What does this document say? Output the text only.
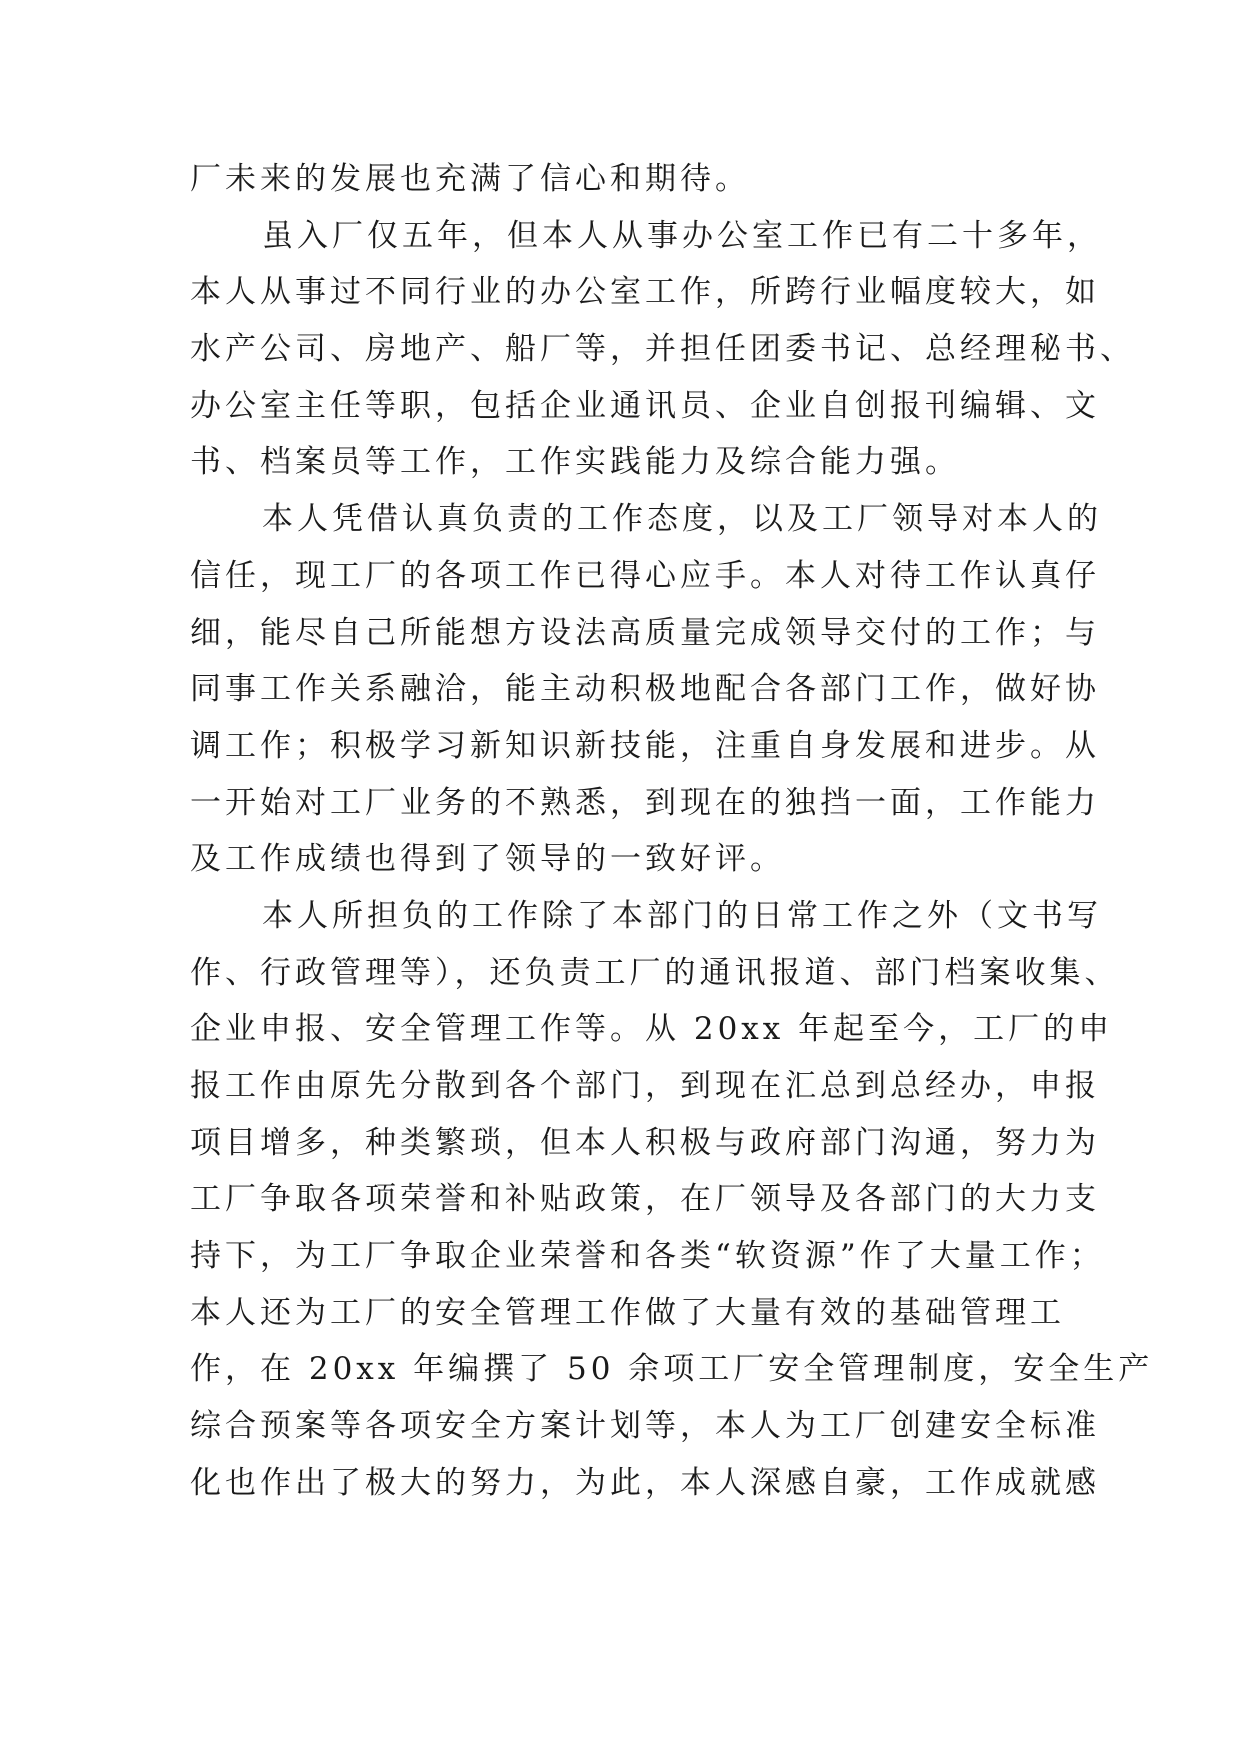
厂未来的发展也充满了信心和期待。
虽入厂仅五年，但本人从事办公室工作已有二十多年，
本人从事过不同行业的办公室工作，所跨行业幅度较大，如
水产公司、房地产、船厂等，并担任团委书记、总经理秘书、
办公室主任等职，包括企业通讯员、企业自创报刊编辑、文
书、档案员等工作，工作实践能力及综合能力强。
本人凭借认真负责的工作态度，以及工厂领导对本人的
信任，现工厂的各项工作已得心应手。本人对待工作认真仔
细，能尽自己所能想方设法高质量完成领导交付的工作；与
同事工作关系融洽，能主动积极地配合各部门工作，做好协
调工作；积极学习新知识新技能，注重自身发展和进步。从
一开始对工厂业务的不熟悉，到现在的独挡一面，工作能力
及工作成绩也得到了领导的一致好评。
本人所担负的工作除了本部门的日常工作之外（文书写
作、行政管理等），还负责工厂的通讯报道、部门档案收集、
企业申报、安全管理工作等。从 20xx 年起至今，工厂的申
报工作由原先分散到各个部门，到现在汇总到总经办，申报
项目增多，种类繁琐，但本人积极与政府部门沟通，努力为
工厂争取各项荣誉和补贴政策，在厂领导及各部门的大力支
持下，为工厂争取企业荣誉和各类“软资源”作了大量工作；
本人还为工厂的安全管理工作做了大量有效的基础管理工
作，在 20xx 年编撰了 50 余项工厂安全管理制度，安全生产
综合预案等各项安全方案计划等，本人为工厂创建安全标准
化也作出了极大的努力，为此，本人深感自豪，工作成就感
